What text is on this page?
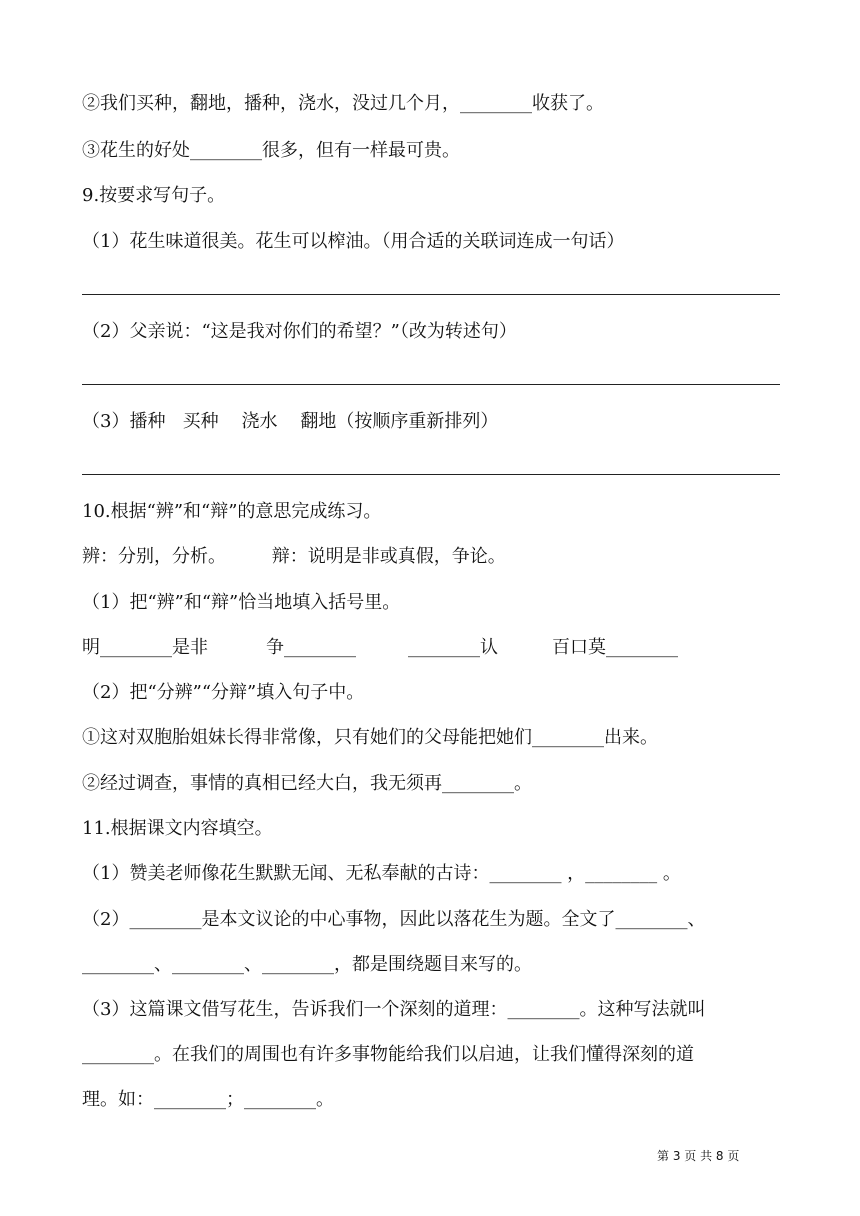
②我们买种，翻地，播种，浇水，没过几个月，________收获了。
③花生的好处________很多，但有一样最可贵。
9.按要求写句子。
（1）花生味道很美。花生可以榨油。（用合适的关联词连成一句话）
（2）父亲说：“这是我对你们的希望？”（改为转述句）
（3）播种   买种    浇水    翻地（按顺序重新排列）
10.根据“辨”和“辩”的意思完成练习。
辨：分别，分析。        辩：说明是非或真假，争论。
（1）把“辨”和“辩”恰当地填入括号里。
明________是非	争________	________认	百口莫________
（2）把“分辨”“分辩”填入句子中。
①这对双胞胎姐妹长得非常像，只有她们的父母能把她们________出来。
②经过调查，事情的真相已经大白，我无须再________。
11.根据课文内容填空。
（1）赞美老师像花生默默无闻、无私奉献的古诗：________ ，________ 。
（2）________是本文议论的中心事物，因此以落花生为题。全文了________、
________、________、________，都是围绕题目来写的。
（3）这篇课文借写花生，告诉我们一个深刻的道理：________。这种写法就叫
________。在我们的周围也有许多事物能给我们以启迪，让我们懂得深刻的道
理。如：________；________。
第 3 页 共 8 页
